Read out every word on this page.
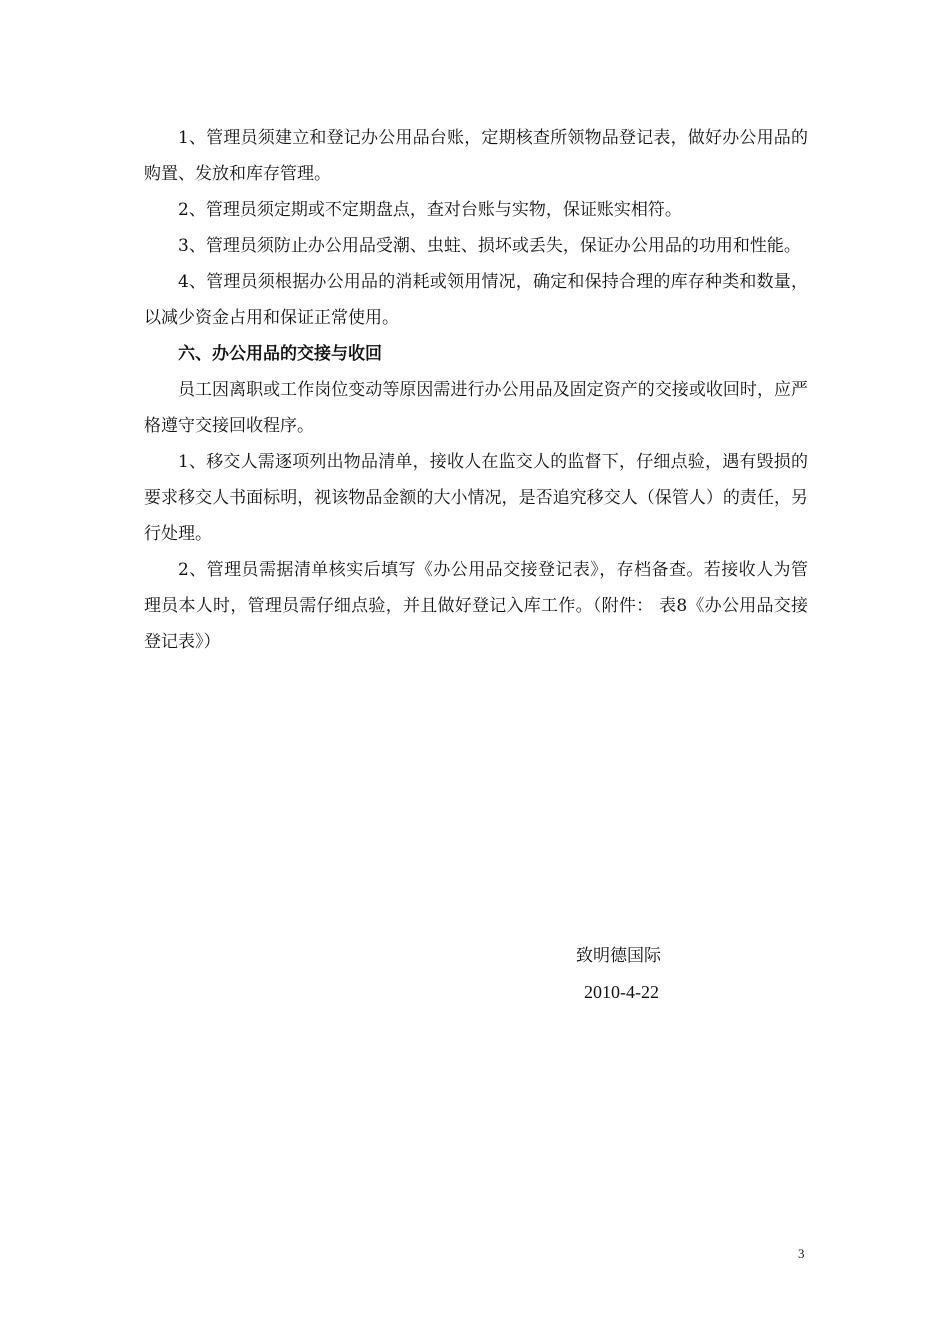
1、管理员须建立和登记办公用品台账，定期核查所领物品登记表，做好办公用品的购置、发放和库存管理。

2、管理员须定期或不定期盘点，查对台账与实物，保证账实相符。

3、管理员须防止办公用品受潮、虫蛀、损坏或丢失，保证办公用品的功用和性能。

4、管理员须根据办公用品的消耗或领用情况，确定和保持合理的库存种类和数量，以减少资金占用和保证正常使用。

六、办公用品的交接与收回

员工因离职或工作岗位变动等原因需进行办公用品及固定资产的交接或收回时，应严格遵守交接回收程序。

1、移交人需逐项列出物品清单，接收人在监交人的监督下，仔细点验，遇有毁损的要求移交人书面标明，视该物品金额的大小情况，是否追究移交人（保管人）的责任，另行处理。

2、管理员需据清单核实后填写《办公用品交接登记表》，存档备查。若接收人为管理员本人时，管理员需仔细点验，并且做好登记入库工作。（附件： 表8《办公用品交接登记表》）

致明德国际
2010-4-22
3
